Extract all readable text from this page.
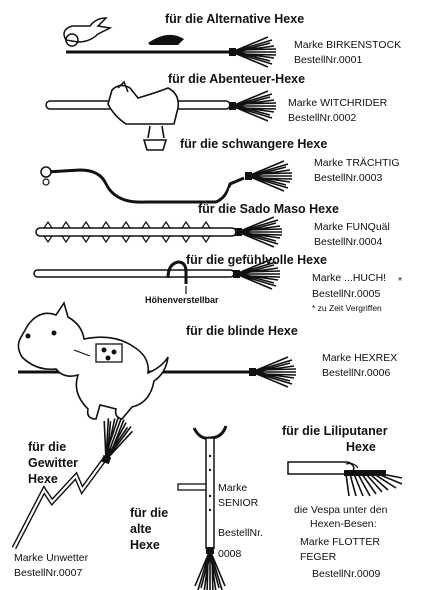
für die Alternative Hexe
Marke BIRKENSTOCK
BestellNr.0001
für die Abenteuer-Hexe
Marke WITCHRIDER
BestellNr.0002
für die schwangere Hexe
Marke TRÄCHTIG
BestellNr.0003
für die Sado Maso Hexe
Marke FUNQuäl
BestellNr.0004
für die gefühlvolle Hexe
Marke ...HUCH! *
BestellNr.0005
* zu Zeit Vergriffen
Höhenverstellbar
für die blinde Hexe
Marke HEXREX
BestellNr.0006
für die
Gewitter
Hexe
Marke Unwetter
BestellNr.0007
für die
alte
Hexe
Marke
SENIOR
BestellNr.
0008
für die Liliputaner
Hexe
die Vespa unter den
Hexen-Besen:
Marke FLOTTER
FEGER
BestellNr.0009
